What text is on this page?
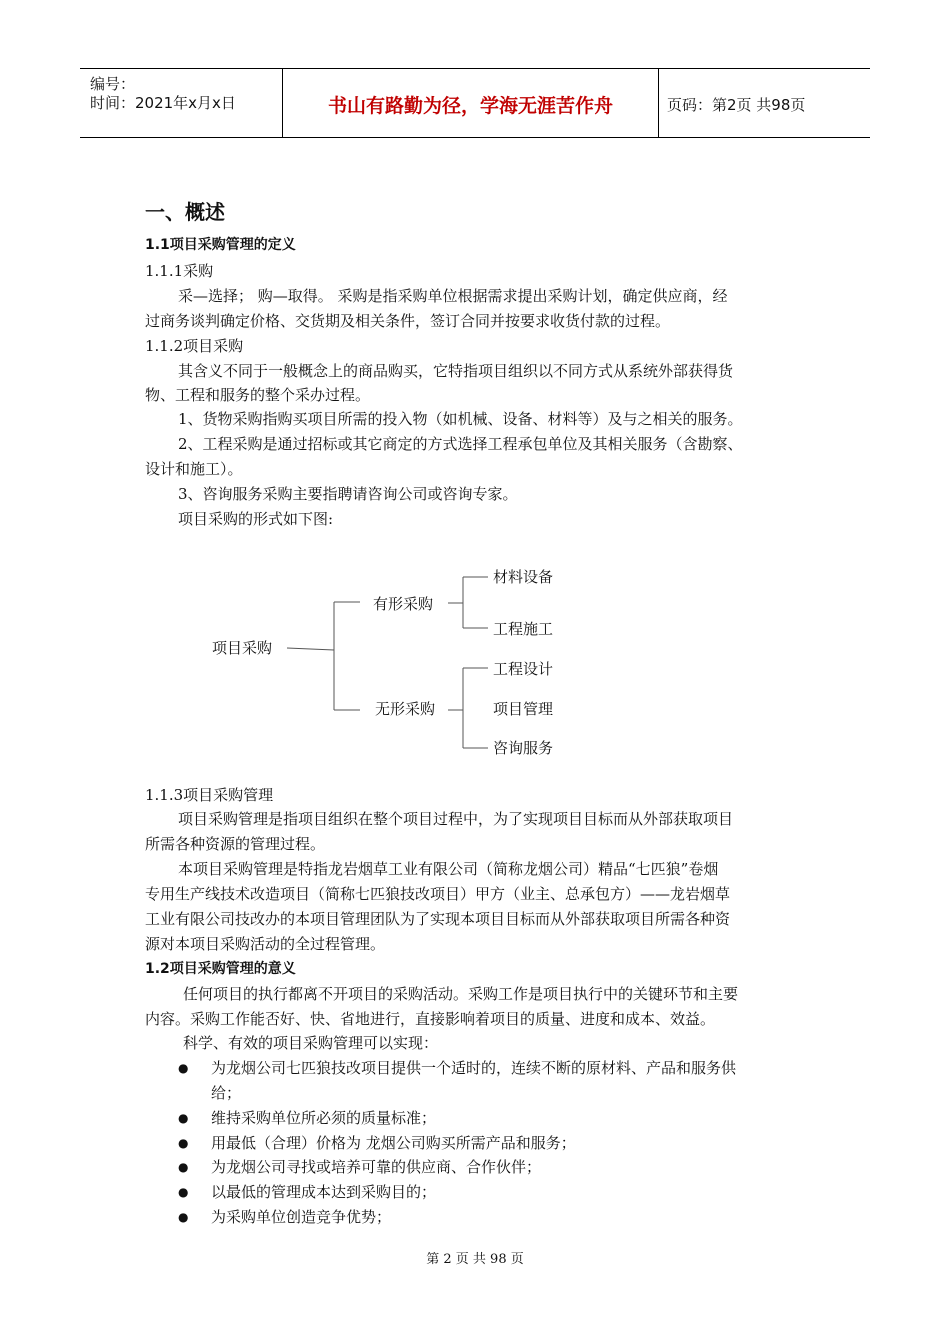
编号：
时间：2021年x月x日	书山有路勤为径，学海无涯苦作舟	页码：第2页 共98页
一、概述
1.1项目采购管理的定义
1.1.1采购
采—选择； 购—取得。 采购是指采购单位根据需求提出采购计划，确定供应商，经
过商务谈判确定价格、交货期及相关条件，签订合同并按要求收货付款的过程。
1.1.2项目采购
其含义不同于一般概念上的商品购买，它特指项目组织以不同方式从系统外部获得货
物、工程和服务的整个采办过程。
1、货物采购指购买项目所需的投入物（如机械、设备、材料等）及与之相关的服务。
2、工程采购是通过招标或其它商定的方式选择工程承包单位及其相关服务（含勘察、
设计和施工）。
3、咨询服务采购主要指聘请咨询公司或咨询专家。
项目采购的形式如下图:
项目采购
有形采购
无形采购
材料设备
工程施工
工程设计
项目管理
咨询服务
1.1.3项目采购管理
项目采购管理是指项目组织在整个项目过程中，为了实现项目目标而从外部获取项目
所需各种资源的管理过程。
本项目采购管理是特指龙岩烟草工业有限公司（简称龙烟公司）精品“七匹狼”卷烟
专用生产线技术改造项目（简称七匹狼技改项目）甲方（业主、总承包方）——龙岩烟草
工业有限公司技改办的本项目管理团队为了实现本项目目标而从外部获取项目所需各种资
源对本项目采购活动的全过程管理。
1.2项目采购管理的意义
任何项目的执行都离不开项目的采购活动。采购工作是项目执行中的关键环节和主要
内容。采购工作能否好、快、省地进行，直接影响着项目的质量、进度和成本、效益。
科学、有效的项目采购管理可以实现：
● 为龙烟公司七匹狼技改项目提供一个适时的，连续不断的原材料、产品和服务供
给；
● 维持采购单位所必须的质量标准；
● 用最低（合理）价格为 龙烟公司购买所需产品和服务；
● 为龙烟公司寻找或培养可靠的供应商、合作伙伴；
● 以最低的管理成本达到采购目的；
● 为采购单位创造竞争优势；
第 2 页 共 98 页
